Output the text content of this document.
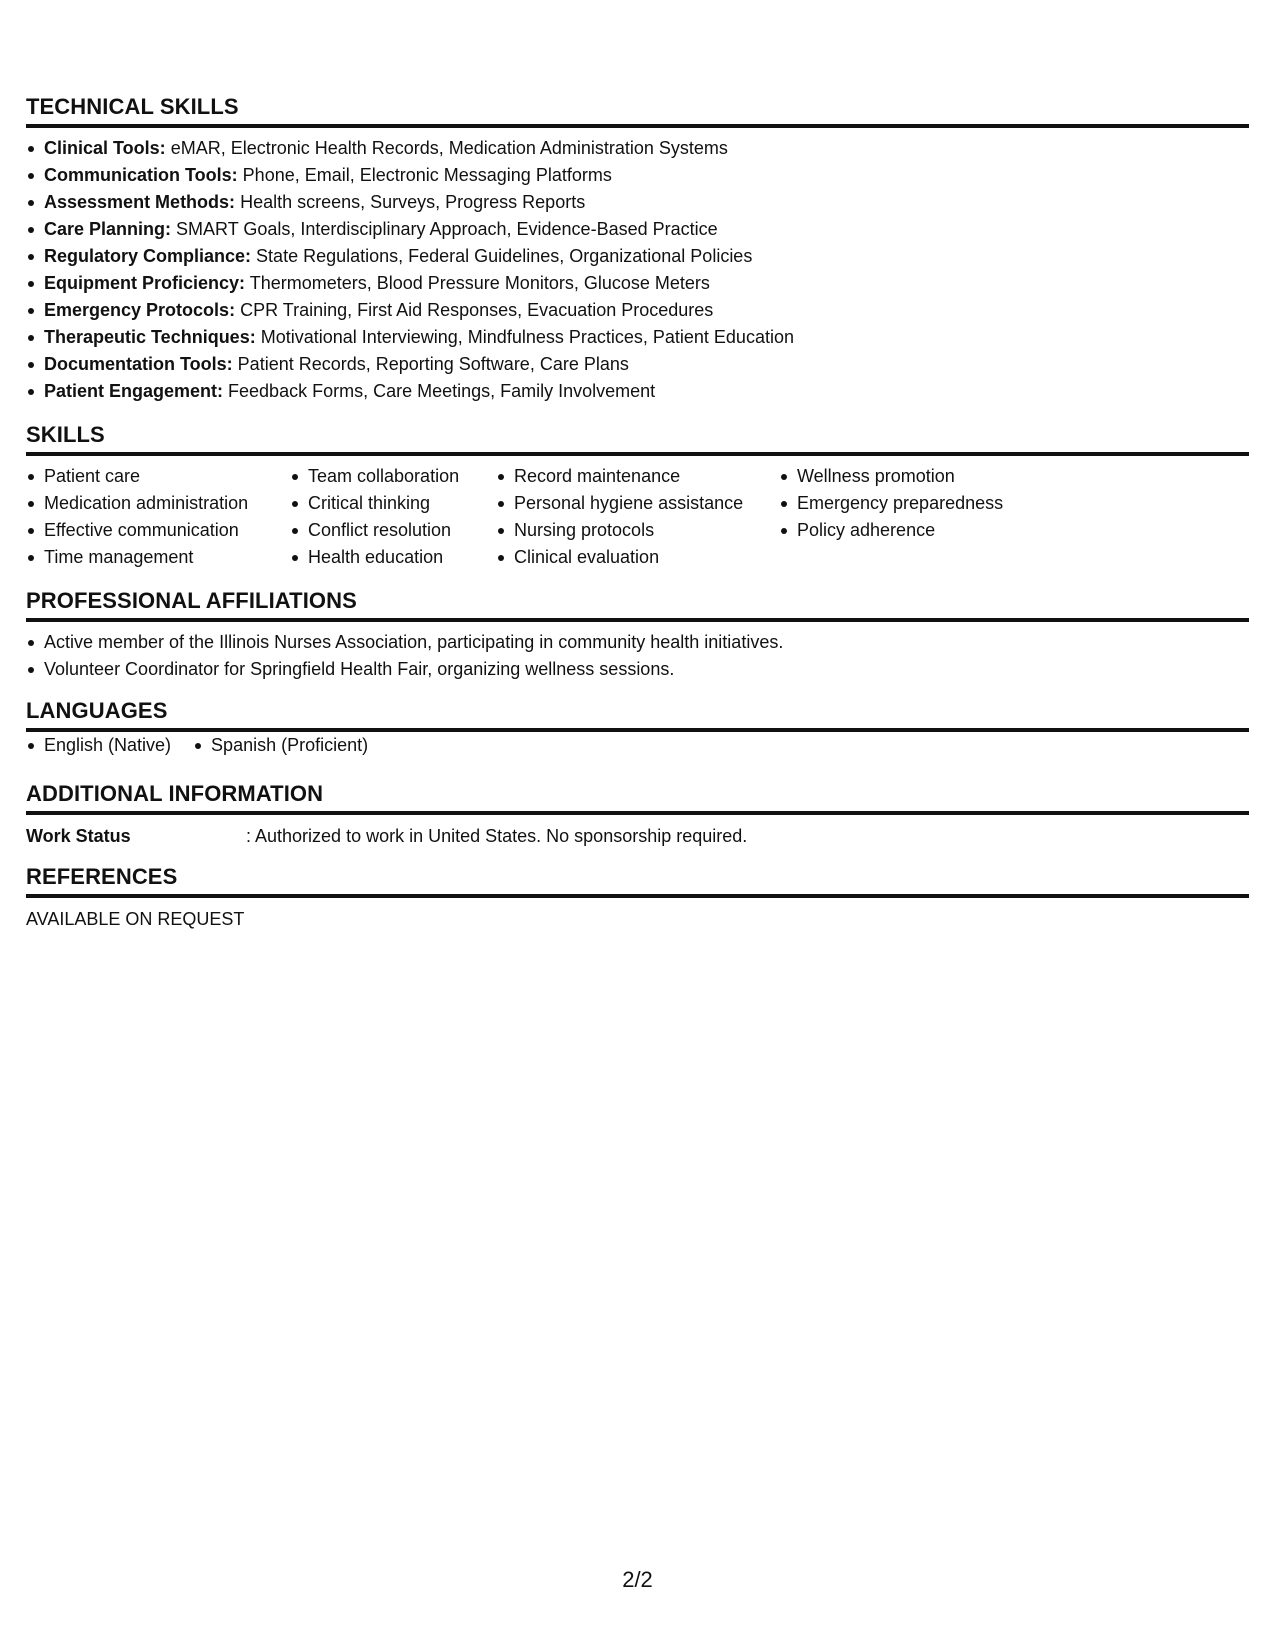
TECHNICAL SKILLS
Clinical Tools: eMAR, Electronic Health Records, Medication Administration Systems
Communication Tools: Phone, Email, Electronic Messaging Platforms
Assessment Methods: Health screens, Surveys, Progress Reports
Care Planning: SMART Goals, Interdisciplinary Approach, Evidence-Based Practice
Regulatory Compliance: State Regulations, Federal Guidelines, Organizational Policies
Equipment Proficiency: Thermometers, Blood Pressure Monitors, Glucose Meters
Emergency Protocols: CPR Training, First Aid Responses, Evacuation Procedures
Therapeutic Techniques: Motivational Interviewing, Mindfulness Practices, Patient Education
Documentation Tools: Patient Records, Reporting Software, Care Plans
Patient Engagement: Feedback Forms, Care Meetings, Family Involvement
SKILLS
Patient care
Medication administration
Effective communication
Time management
Team collaboration
Critical thinking
Conflict resolution
Health education
Record maintenance
Personal hygiene assistance
Nursing protocols
Clinical evaluation
Wellness promotion
Emergency preparedness
Policy adherence
PROFESSIONAL AFFILIATIONS
Active member of the Illinois Nurses Association, participating in community health initiatives.
Volunteer Coordinator for Springfield Health Fair, organizing wellness sessions.
LANGUAGES
English (Native)	Spanish (Proficient)
ADDITIONAL INFORMATION
Work Status	: Authorized to work in United States. No sponsorship required.
REFERENCES
AVAILABLE ON REQUEST
2/2
